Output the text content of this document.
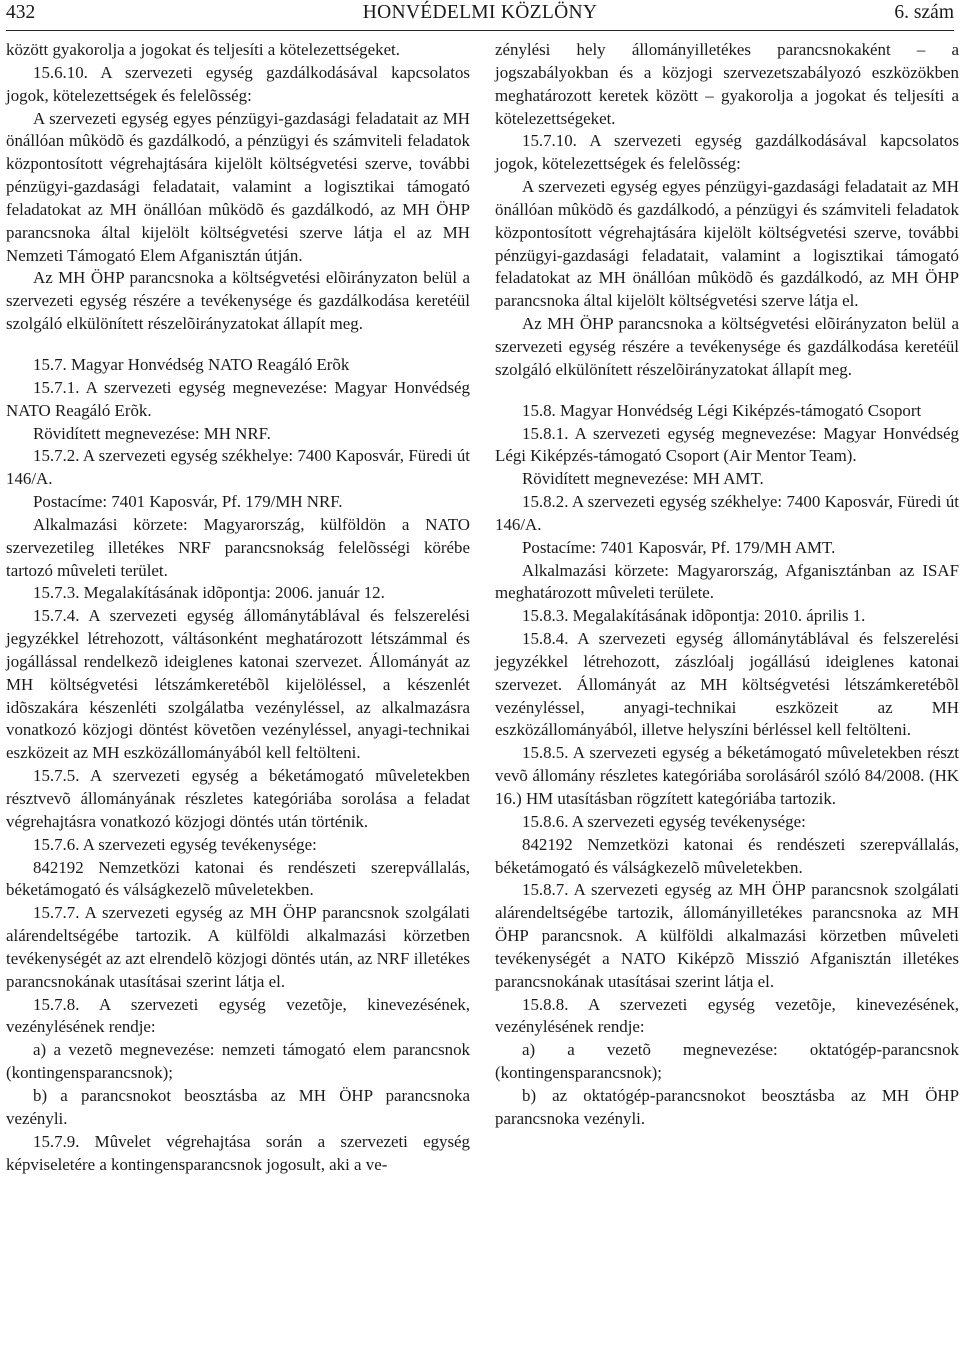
432	HONVÉDELMI KÖZLÖNY	6. szám

között gyakorolja a jogokat és teljesíti a kötelezettségeket.

15.6.10. A szervezeti egység gazdálkodásával kapcsolatos jogok, kötelezettségek és felelõsség:

A szervezeti egység egyes pénzügyi-gazdasági feladatait az MH önállóan mûködõ és gazdálkodó, a pénzügyi és számviteli feladatok központosított végrehajtására kijelölt költségvetési szerve, további pénzügyi-gazdasági feladatait, valamint a logisztikai támogató feladatokat az MH önállóan mûködõ és gazdálkodó, az MH ÖHP parancsnoka által kijelölt költségvetési szerve látja el az MH Nemzeti Támogató Elem Afganisztán útján.

Az MH ÖHP parancsnoka a költségvetési elõirányzaton belül a szervezeti egység részére a tevékenysége és gazdálkodása keretéül szolgáló elkülönített részelõirányzatokat állapít meg.

15.7. Magyar Honvédség NATO Reagáló Erõk

15.7.1. A szervezeti egység megnevezése: Magyar Honvédség NATO Reagáló Erõk.

Rövidített megnevezése: MH NRF.

15.7.2. A szervezeti egység székhelye: 7400 Kaposvár, Füredi út 146/A.

Postacíme: 7401 Kaposvár, Pf. 179/MH NRF.

Alkalmazási körzete: Magyarország, külföldön a NATO szervezetileg illetékes NRF parancsnokság felelõsségi körébe tartozó mûveleti terület.

15.7.3. Megalakításának idõpontja: 2006. január 12.

15.7.4. A szervezeti egység állománytáblával és felszerelési jegyzékkel létrehozott, váltásonként meghatározott létszámmal és jogállással rendelkezõ ideiglenes katonai szervezet. Állományát az MH költségvetési létszámkeretébõl kijelöléssel, a készenlét idõszakára készenléti szolgálatba vezényléssel, az alkalmazásra vonatkozó közjogi döntést követõen vezényléssel, anyagi-technikai eszközeit az MH eszközállományából kell feltölteni.

15.7.5. A szervezeti egység a béketámogató mûveletekben résztvevõ állományának részletes kategóriába sorolása a feladat végrehajtásra vonatkozó közjogi döntés után történik.

15.7.6. A szervezeti egység tevékenysége:

842192 Nemzetközi katonai és rendészeti szerepvállalás, béketámogató és válságkezelõ mûveletekben.

15.7.7. A szervezeti egység az MH ÖHP parancsnok szolgálati alárendeltségébe tartozik. A külföldi alkalmazási körzetben tevékenységét az azt elrendelõ közjogi döntés után, az NRF illetékes parancsnokának utasításai szerint látja el.

15.7.8. A szervezeti egység vezetõje, kinevezésének, vezénylésének rendje:

a) a vezetõ megnevezése: nemzeti támogató elem parancsnok (kontingensparancsnok);

b) a parancsnokot beosztásba az MH ÖHP parancsnoka vezényli.

15.7.9. Mûvelet végrehajtása során a szervezeti egység képviseletére a kontingensparancsnok jogosult, aki a ve-

zénylési hely állományilletékes parancsnokaként – a jogszabályokban és a közjogi szervezetszabályozó eszközökben meghatározott keretek között – gyakorolja a jogokat és teljesíti a kötelezettségeket.

15.7.10. A szervezeti egység gazdálkodásával kapcsolatos jogok, kötelezettségek és felelõsség:

A szervezeti egység egyes pénzügyi-gazdasági feladatait az MH önállóan mûködõ és gazdálkodó, a pénzügyi és számviteli feladatok központosított végrehajtására kijelölt költségvetési szerve, további pénzügyi-gazdasági feladatait, valamint a logisztikai támogató feladatokat az MH önállóan mûködõ és gazdálkodó, az MH ÖHP parancsnoka által kijelölt költségvetési szerve látja el.

Az MH ÖHP parancsnoka a költségvetési elõirányzaton belül a szervezeti egység részére a tevékenysége és gazdálkodása keretéül szolgáló elkülönített részelõirányzatokat állapít meg.

15.8. Magyar Honvédség Légi Kiképzés-támogató Csoport

15.8.1. A szervezeti egység megnevezése: Magyar Honvédség Légi Kiképzés-támogató Csoport (Air Mentor Team).

Rövidített megnevezése: MH AMT.

15.8.2. A szervezeti egység székhelye: 7400 Kaposvár, Füredi út 146/A.

Postacíme: 7401 Kaposvár, Pf. 179/MH AMT.

Alkalmazási körzete: Magyarország, Afganisztánban az ISAF meghatározott mûveleti területe.

15.8.3. Megalakításának idõpontja: 2010. április 1.

15.8.4. A szervezeti egység állománytáblával és felszerelési jegyzékkel létrehozott, zászlóalj jogállású ideiglenes katonai szervezet. Állományát az MH költségvetési létszámkeretébõl vezényléssel, anyagi-technikai eszközeit az MH eszközállományából, illetve helyszíni bérléssel kell feltölteni.

15.8.5. A szervezeti egység a béketámogató mûveletekben részt vevõ állomány részletes kategóriába sorolásáról szóló 84/2008. (HK 16.) HM utasításban rögzített kategóriába tartozik.

15.8.6. A szervezeti egység tevékenysége:

842192 Nemzetközi katonai és rendészeti szerepvállalás, béketámogató és válságkezelõ mûveletekben.

15.8.7. A szervezeti egység az MH ÖHP parancsnok szolgálati alárendeltségébe tartozik, állományilletékes parancsnoka az MH ÖHP parancsnok. A külföldi alkalmazási körzetben mûveleti tevékenységét a NATO Kiképzõ Misszió Afganisztán illetékes parancsnokának utasításai szerint látja el.

15.8.8. A szervezeti egység vezetõje, kinevezésének, vezénylésének rendje:

a) a vezetõ megnevezése: oktatógép-parancsnok (kontingensparancsnok);

b) az oktatógép-parancsnokot beosztásba az MH ÖHP parancsnoka vezényli.
